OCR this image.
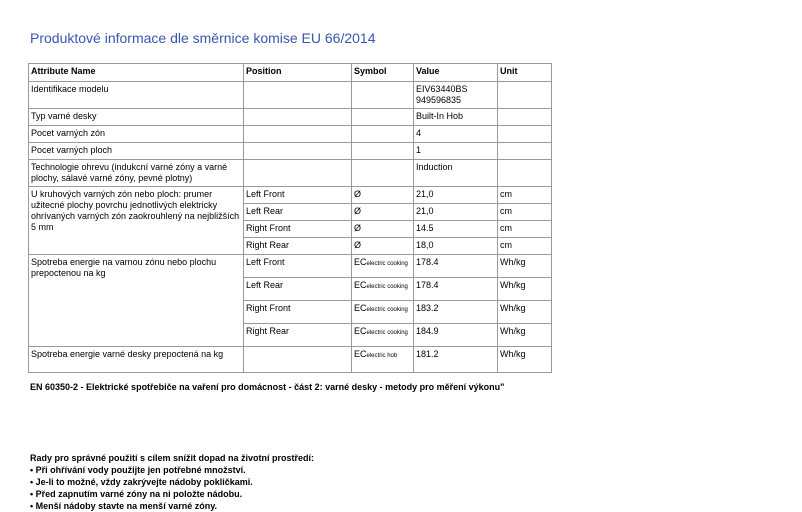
Produktové informace dle směrnice komise EU 66/2014
Attribute Name	Position	Symbol	Value	Unit
Identifikace modelu			EIV63440BS
949596835	
Typ varné desky			Built-In Hob	
Pocet varných zón			4	
Pocet varných ploch			1	
Technologie ohrevu (indukcní varné zóny a varné plochy, sálavé varné zóny, pevné plotny)			Induction	
U kruhových varných zón nebo ploch: prumer užitecné plochy povrchu jednotlivých elektricky ohrívaných varných zón zaokrouhlený na nejbližších 5 mm	Left Front	Ø	21,0	cm
	Left Rear	Ø	21,0	cm
	Right Front	Ø	14.5	cm
	Right Rear	Ø	18,0	cm
Spotreba energie na varnou zónu nebo plochu prepoctenou na kg	Left Front	ECelectric cooking	178.4	Wh/kg
	Left Rear	ECelectric cooking	178.4	Wh/kg
	Right Front	ECelectric cooking	183.2	Wh/kg
	Right Rear	ECelectric cooking	184.9	Wh/kg
Spotreba energie varné desky prepoctená na kg		ECelectric hob	181.2	Wh/kg
EN 60350-2 - Elektrické spotřebiče na vaření pro domácnost - část 2: varné desky - metody pro měření výkonu"
Rady pro správné použití s cílem snížit dopad na životní prostředí:
• Při ohřívání vody použijte jen potřebné množství.
• Je-li to možné, vždy zakrývejte nádoby pokličkami.
• Před zapnutím varné zóny na ni položte nádobu.
• Menší nádoby stavte na menší varné zóny.
